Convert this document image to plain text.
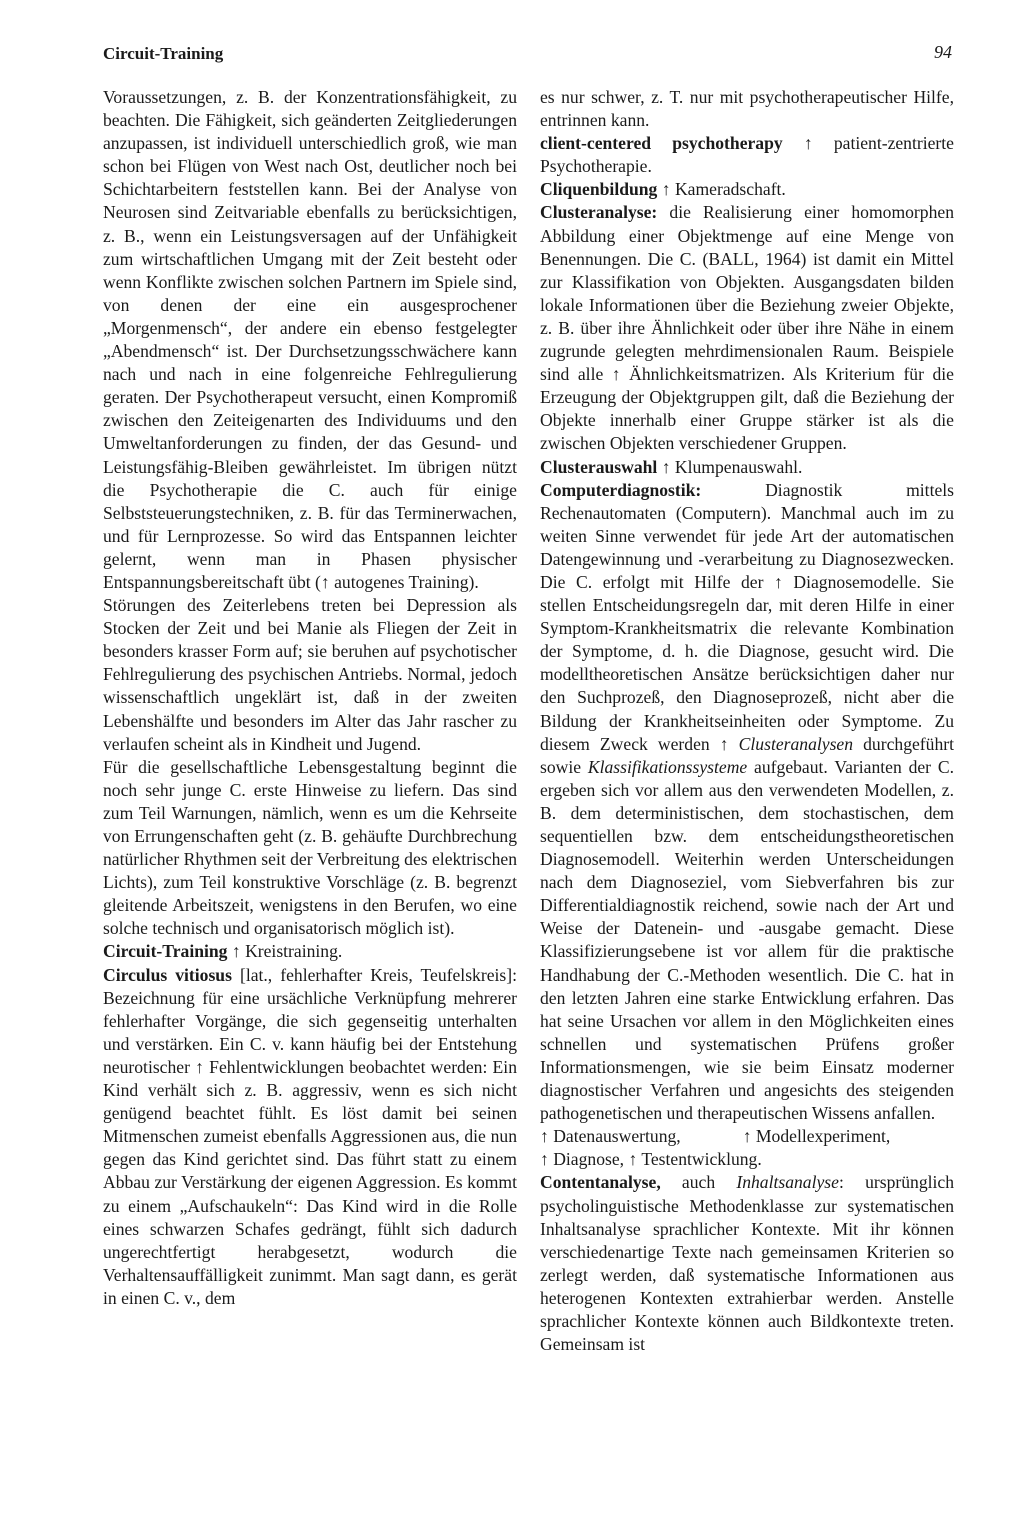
Circuit-Training	94

Voraussetzungen, z. B. der Konzentrationsfähigkeit, zu beachten. Die Fähigkeit, sich geänderten Zeitgliederungen anzupassen, ist individuell unterschiedlich groß, wie man schon bei Flügen von West nach Ost, deutlicher noch bei Schichtarbeitern feststellen kann. Bei der Analyse von Neurosen sind Zeitvariable ebenfalls zu berücksichtigen, z. B., wenn ein Leistungsversagen auf der Unfähigkeit zum wirtschaftlichen Umgang mit der Zeit besteht oder wenn Konflikte zwischen solchen Partnern im Spiele sind, von denen der eine ein ausgesprochener „Morgenmensch“, der andere ein ebenso festgelegter „Abendmensch“ ist. Der Durchsetzungsschwächere kann nach und nach in eine folgenreiche Fehlregulierung geraten. Der Psychotherapeut versucht, einen Kompromiß zwischen den Zeiteigenarten des Individuums und den Umweltanforderungen zu finden, der das Gesund- und Leistungsfähig-Bleiben gewährleistet. Im übrigen nützt die Psychotherapie die C. auch für einige Selbststeuerungstechniken, z. B. für das Terminerwachen, und für Lernprozesse. So wird das Entspannen leichter gelernt, wenn man in Phasen physischer Entspannungsbereitschaft übt (↑ autogenes Training).

Störungen des Zeiterlebens treten bei Depression als Stocken der Zeit und bei Manie als Fliegen der Zeit in besonders krasser Form auf; sie beruhen auf psychotischer Fehlregulierung des psychischen Antriebs. Normal, jedoch wissenschaftlich ungeklärt ist, daß in der zweiten Lebenshälfte und besonders im Alter das Jahr rascher zu verlaufen scheint als in Kindheit und Jugend.

Für die gesellschaftliche Lebensgestaltung beginnt die noch sehr junge C. erste Hinweise zu liefern. Das sind zum Teil Warnungen, nämlich, wenn es um die Kehrseite von Errungenschaften geht (z. B. gehäufte Durchbrechung natürlicher Rhythmen seit der Verbreitung des elektrischen Lichts), zum Teil konstruktive Vorschläge (z. B. begrenzt gleitende Arbeitszeit, wenigstens in den Berufen, wo eine solche technisch und organisatorisch möglich ist).

Circuit-Training ↑ Kreistraining.

Circulus vitiosus [lat., fehlerhafter Kreis, Teufelskreis]: Bezeichnung für eine ursächliche Verknüpfung mehrerer fehlerhafter Vorgänge, die sich gegenseitig unterhalten und verstärken. Ein C. v. kann häufig bei der Entstehung neurotischer ↑ Fehlentwicklungen beobachtet werden: Ein Kind verhält sich z. B. aggressiv, wenn es sich nicht genügend beachtet fühlt. Es löst damit bei seinen Mitmenschen zumeist ebenfalls Aggressionen aus, die nun gegen das Kind gerichtet sind. Das führt statt zu einem Abbau zur Verstärkung der eigenen Aggression. Es kommt zu einem „Aufschaukeln“: Das Kind wird in die Rolle eines schwarzen Schafes gedrängt, fühlt sich dadurch ungerechtfertigt herabgesetzt, wodurch die Verhaltensauffälligkeit zunimmt. Man sagt dann, es gerät in einen C. v., dem

es nur schwer, z. T. nur mit psychotherapeutischer Hilfe, entrinnen kann.

client-centered psychotherapy ↑ patient-zentrierte Psychotherapie.

Cliquenbildung ↑ Kameradschaft.

Clusteranalyse: die Realisierung einer homomorphen Abbildung einer Objektmenge auf eine Menge von Benennungen. Die C. (BALL, 1964) ist damit ein Mittel zur Klassifikation von Objekten. Ausgangsdaten bilden lokale Informationen über die Beziehung zweier Objekte, z. B. über ihre Ähnlichkeit oder über ihre Nähe in einem zugrunde gelegten mehrdimensionalen Raum. Beispiele sind alle ↑ Ähnlichkeitsmatrizen. Als Kriterium für die Erzeugung der Objektgruppen gilt, daß die Beziehung der Objekte innerhalb einer Gruppe stärker ist als die zwischen Objekten verschiedener Gruppen.

Clusterauswahl ↑ Klumpenauswahl.

Computerdiagnostik: Diagnostik mittels Rechenautomaten (Computern). Manchmal auch im zu weiten Sinne verwendet für jede Art der automatischen Datengewinnung und -verarbeitung zu Diagnosezwecken. Die C. erfolgt mit Hilfe der ↑ Diagnosemodelle. Sie stellen Entscheidungsregeln dar, mit deren Hilfe in einer Symptom-Krankheitsmatrix die relevante Kombination der Symptome, d. h. die Diagnose, gesucht wird. Die modelltheoretischen Ansätze berücksichtigen daher nur den Suchprozeß, den Diagnoseprozeß, nicht aber die Bildung der Krankheitseinheiten oder Symptome. Zu diesem Zweck werden ↑ Clusteranalysen durchgeführt sowie Klassifikationssysteme aufgebaut. Varianten der C. ergeben sich vor allem aus den verwendeten Modellen, z. B. dem deterministischen, dem stochastischen, dem sequentiellen bzw. dem entscheidungstheoretischen Diagnosemodell. Weiterhin werden Unterscheidungen nach dem Diagnoseziel, vom Siebverfahren bis zur Differentialdiagnostik reichend, sowie nach der Art und Weise der Datenein- und -ausgabe gemacht. Diese Klassifizierungsebene ist vor allem für die praktische Handhabung der C.-Methoden wesentlich. Die C. hat in den letzten Jahren eine starke Entwicklung erfahren. Das hat seine Ursachen vor allem in den Möglichkeiten eines schnellen und systematischen Prüfens großer Informationsmengen, wie sie beim Einsatz moderner diagnostischer Verfahren und angesichts des steigenden pathogenetischen und therapeutischen Wissens anfallen.

↑ Datenauswertung,	↑ Modellexperiment,
↑ Diagnose, ↑ Testentwicklung.

Contentanalyse, auch Inhaltsanalyse: ursprünglich psycholinguistische Methodenklasse zur systematischen Inhaltsanalyse sprachlicher Kontexte. Mit ihr können verschiedenartige Texte nach gemeinsamen Kriterien so zerlegt werden, daß systematische Informationen aus heterogenen Kontexten extrahierbar werden. Anstelle sprachlicher Kontexte können auch Bildkontexte treten. Gemeinsam ist
